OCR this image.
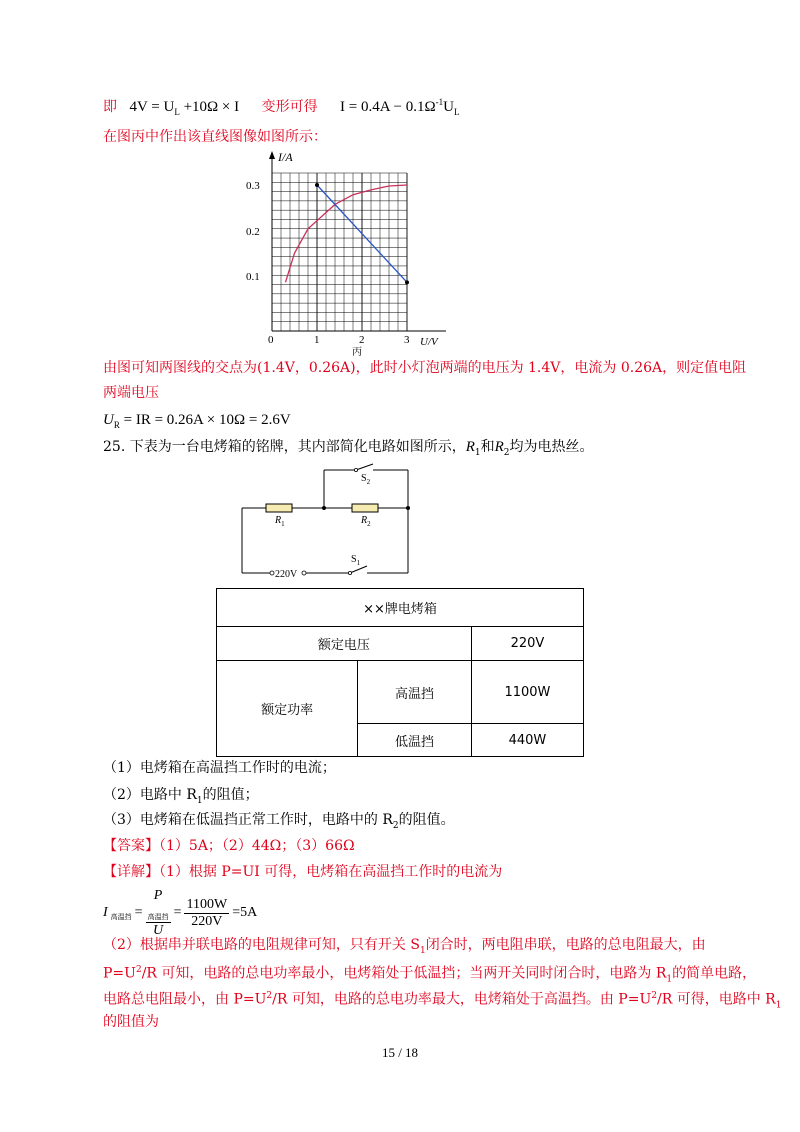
即 $4V = U_L +10\Omega \times I$ 变形可得 $I = 0.4A - 0.1\Omega^{-1}U_L$
在图丙中作出该直线图像如图所示：
I/A
U/V
0.3
0.2
0.1
0	1	2	3
丙
由图可知两图线的交点为(1.4V，0.26A)，此时小灯泡两端的电压为 1.4V，电流为 0.26A，则定值电阻
两端电压
$U_R$ = IR = 0.26A × 10Ω = 2.6V
25. 下表为一台电烤箱的铭牌，其内部简化电路如图所示，$R_1$和$R_2$均为电热丝。
$S_2$
$R_1$	$R_2$
220V
$S_1$
××牌电烤箱		
额定电压		220V
额定功率	高温挡	1100W
	低温挡	440W
（1）电烤箱在高温挡工作时的电流；
（2）电路中 $R_1$的阻值；
（3）电烤箱在低温挡正常工作时，电路中的 $R_2$的阻值。
【答案】（1）5A；（2）44Ω；（3）66Ω
【详解】（1）根据 P=UI 可得，电烤箱在高温挡工作时的电流为
I $_{高温挡}$ = P
$_{高温挡}$
$U = \frac{1100W}{220V} =5A$
（2）根据串并联电路的电阻规律可知，只有开关 $S_1$闭合时，两电阻串联，电路的总电阻最大，由
$P=U^2/R$ 可知，电路的总电功率最小，电烤箱处于低温挡；当两开关同时闭合时，电路为 $R_1$的简单电路，
电路总电阻最小，由 $P=U^2/R$ 可知，电路的总电功率最大，电烤箱处于高温挡。由 $P=U^2/R$ 可得，电路中 $R_1$
的阻值为
15 / 18
